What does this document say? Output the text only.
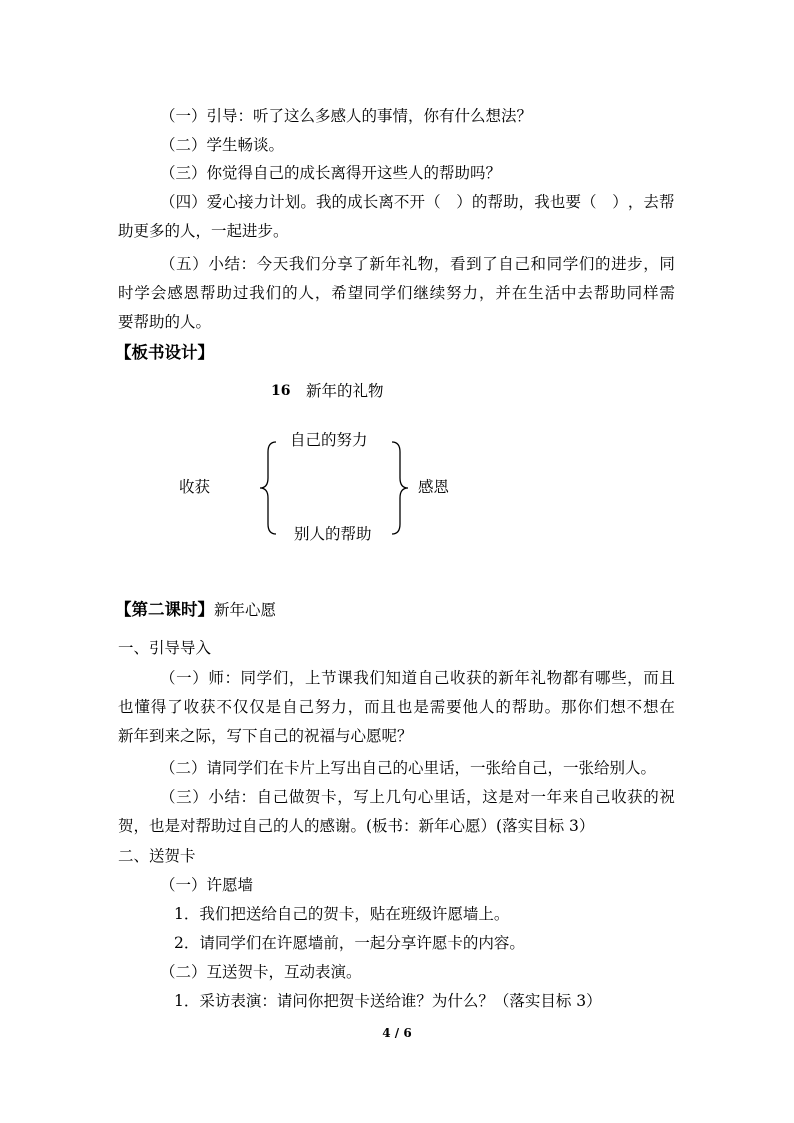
（一）引导：听了这么多感人的事情，你有什么想法？
（二）学生畅谈。
（三）你觉得自己的成长离得开这些人的帮助吗？
（ 四 ） 爱 心 接 力 计 划 。 我 的 成 长 离 不 开 （
　 ） 的 帮 助 ， 我 也 要 （
　 ） ， 去 帮
助更多的人，一起进步。
（ 五 ） 小 结 ： 今 天 我 们 分 享 了 新 年 礼 物 ， 看 到 了 自 己 和 同 学 们 的 进 步 ， 同
时 学 会 感 恩 帮 助 过 我 们 的 人 ， 希 望 同 学 们 继 续 努 力 ， 并 在 生 活 中 去 帮 助 同 样 需
要帮助的人。
【板书设计】
16 新年的礼物
自己的努力
收获	感恩
别人的帮助
【第二课时】新年心愿
一、引导导入
（ 一 ） 师 ： 同 学 们 ， 上 节 课 我 们 知 道 自 己 收 获 的 新 年 礼 物 都 有 哪 些 ， 而 且
也 懂 得 了 收 获 不 仅 仅 是 自 己 努 力 ， 而 且 也 是 需 要 他 人 的 帮 助 。 那 你 们 想 不 想 在
新年到来之际，写下自己的祝福与心愿呢？
（二）请同学们在卡片上写出自己的心里话，一张给自己，一张给别人。
（ 三 ） 小 结 ： 自 己 做 贺 卡 ， 写 上 几 句 心 里 话 ， 这 是 对 一 年 来 自 己 收 获 的 祝
贺，也是对帮助过自己的人的感谢。(板书：新年心愿）(落实目标 3）
二、送贺卡
（一）许愿墙
1．我们把送给自己的贺卡，贴在班级许愿墙上。
2．请同学们在许愿墙前，一起分享许愿卡的内容。
（二）互送贺卡，互动表演。
1．采访表演：请问你把贺卡送给谁？为什么？（落实目标 3）
4 / 6
